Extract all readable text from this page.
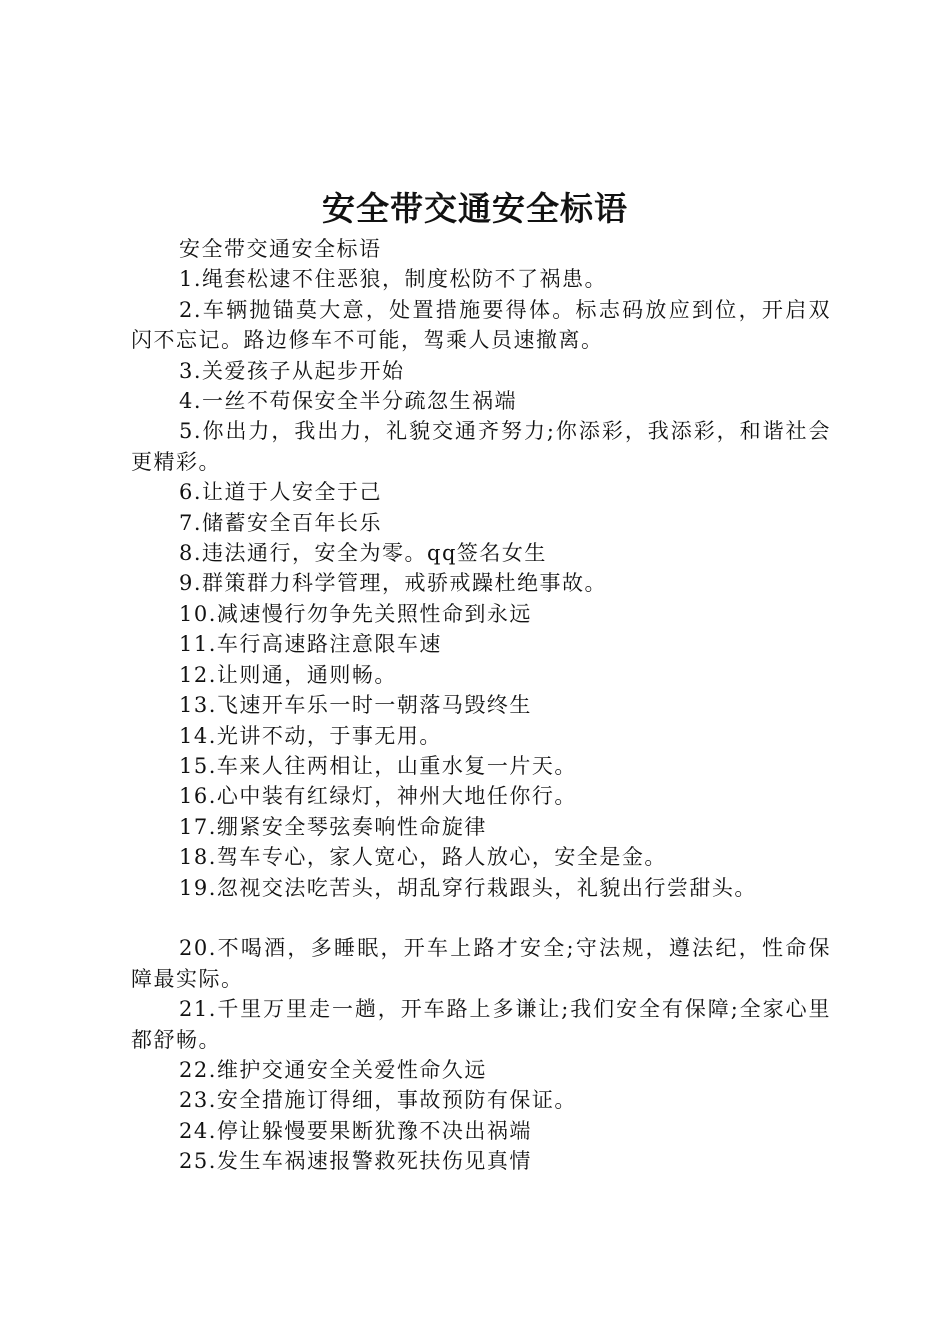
安全带交通安全标语

安全带交通安全标语

1.绳套松逮不住恶狼，制度松防不了祸患。

2.车辆抛锚莫大意，处置措施要得体。标志码放应到位，开启双闪不忘记。路边修车不可能，驾乘人员速撤离。

3.关爱孩子从起步开始

4.一丝不苟保安全半分疏忽生祸端

5.你出力，我出力，礼貌交通齐努力;你添彩，我添彩，和谐社会更精彩。

6.让道于人安全于己

7.储蓄安全百年长乐

8.违法通行，安全为零。qq签名女生

9.群策群力科学管理，戒骄戒躁杜绝事故。

10.减速慢行勿争先关照性命到永远

11.车行高速路注意限车速

12.让则通，通则畅。

13.飞速开车乐一时一朝落马毁终生

14.光讲不动，于事无用。

15.车来人往两相让，山重水复一片天。

16.心中装有红绿灯，神州大地任你行。

17.绷紧安全琴弦奏响性命旋律

18.驾车专心，家人宽心，路人放心，安全是金。

19.忽视交法吃苦头，胡乱穿行栽跟头，礼貌出行尝甜头。

20.不喝酒，多睡眠，开车上路才安全;守法规，遵法纪，性命保障最实际。

21.千里万里走一趟，开车路上多谦让;我们安全有保障;全家心里都舒畅。

22.维护交通安全关爱性命久远

23.安全措施订得细，事故预防有保证。

24.停让躲慢要果断犹豫不决出祸端

25.发生车祸速报警救死扶伤见真情
